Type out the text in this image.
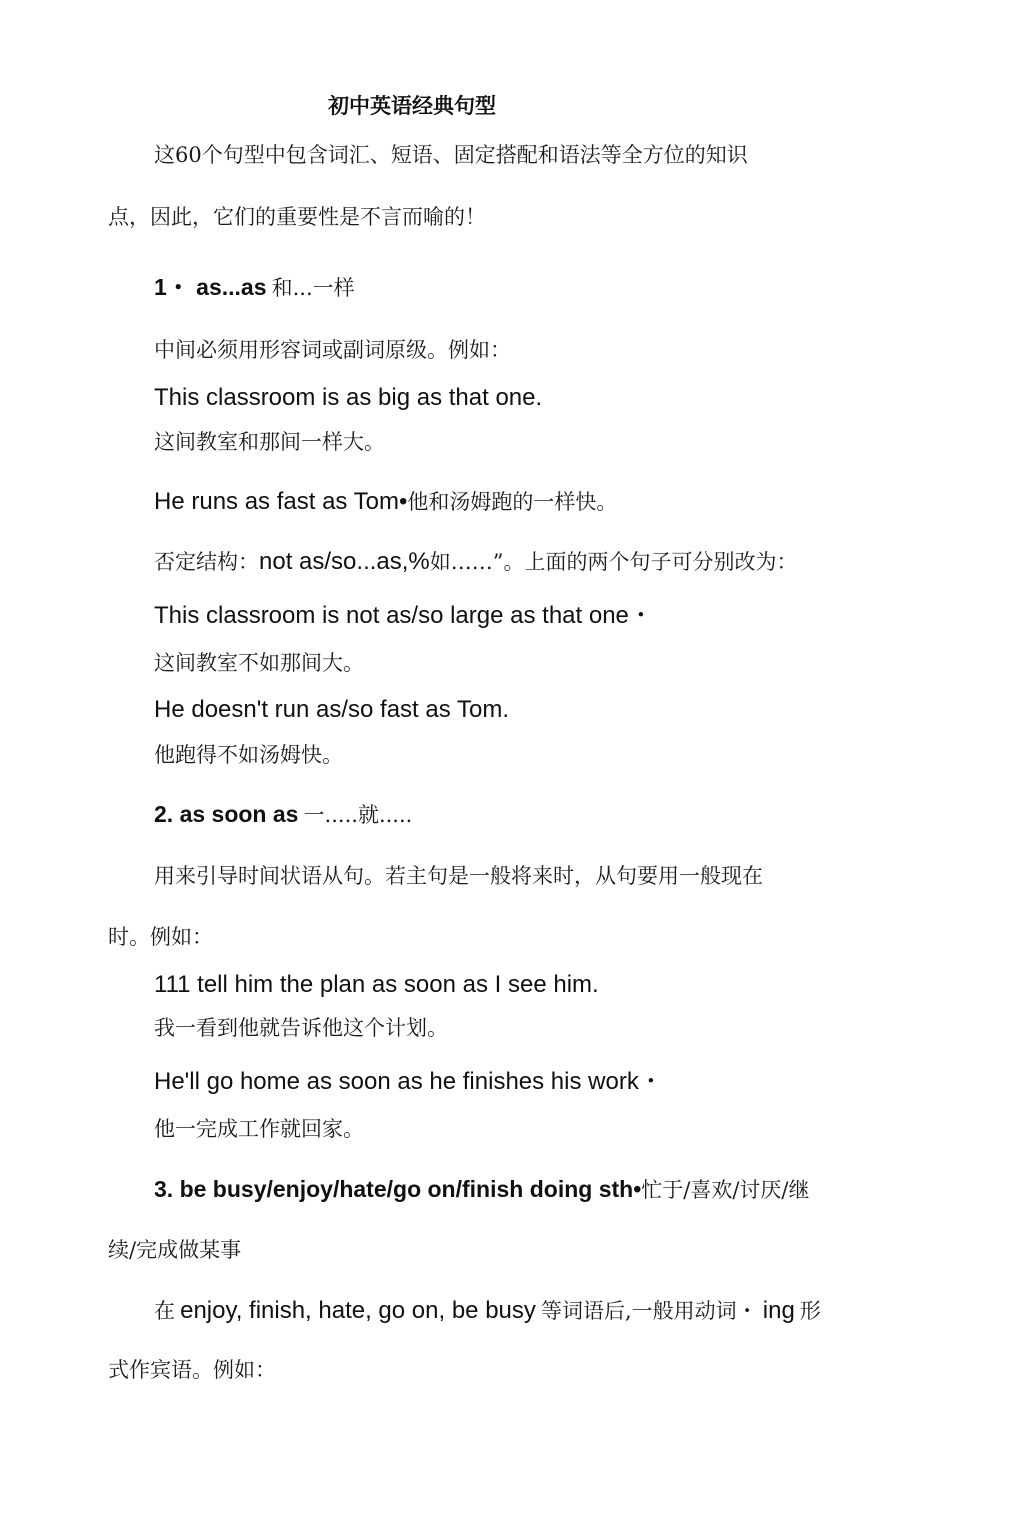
初中英语经典句型
这60个句型中包含词汇、短语、固定搭配和语法等全方位的知识
点，因此，它们的重要性是不言而喻的！
1・ as...as 和...一样
中间必须用形容词或副词原级。例如：
This classroom is as big as that one.
这间教室和那间一样大。
He runs as fast as Tom•他和汤姆跑的一样快。
否定结构：not as/so...as,%如……”。上面的两个句子可分别改为：
This classroom is not as/so large as that one・
这间教室不如那间大。
He doesn't run as/so fast as Tom.
他跑得不如汤姆快。
2. as soon as 一.....就.....
用来引导时间状语从句。若主句是一般将来时，从句要用一般现在
时。例如：
111 tell him the plan as soon as I see him.
我一看到他就告诉他这个计划。
He'll go home as soon as he finishes his work・
他一完成工作就回家。
3. be busy/enjoy/hate/go on/finish doing sth•忙于/喜欢/讨厌/继
续/完成做某事
在 enjoy, finish, hate, go on, be busy 等词语后,一般用动词・ ing 形
式作宾语。例如：
